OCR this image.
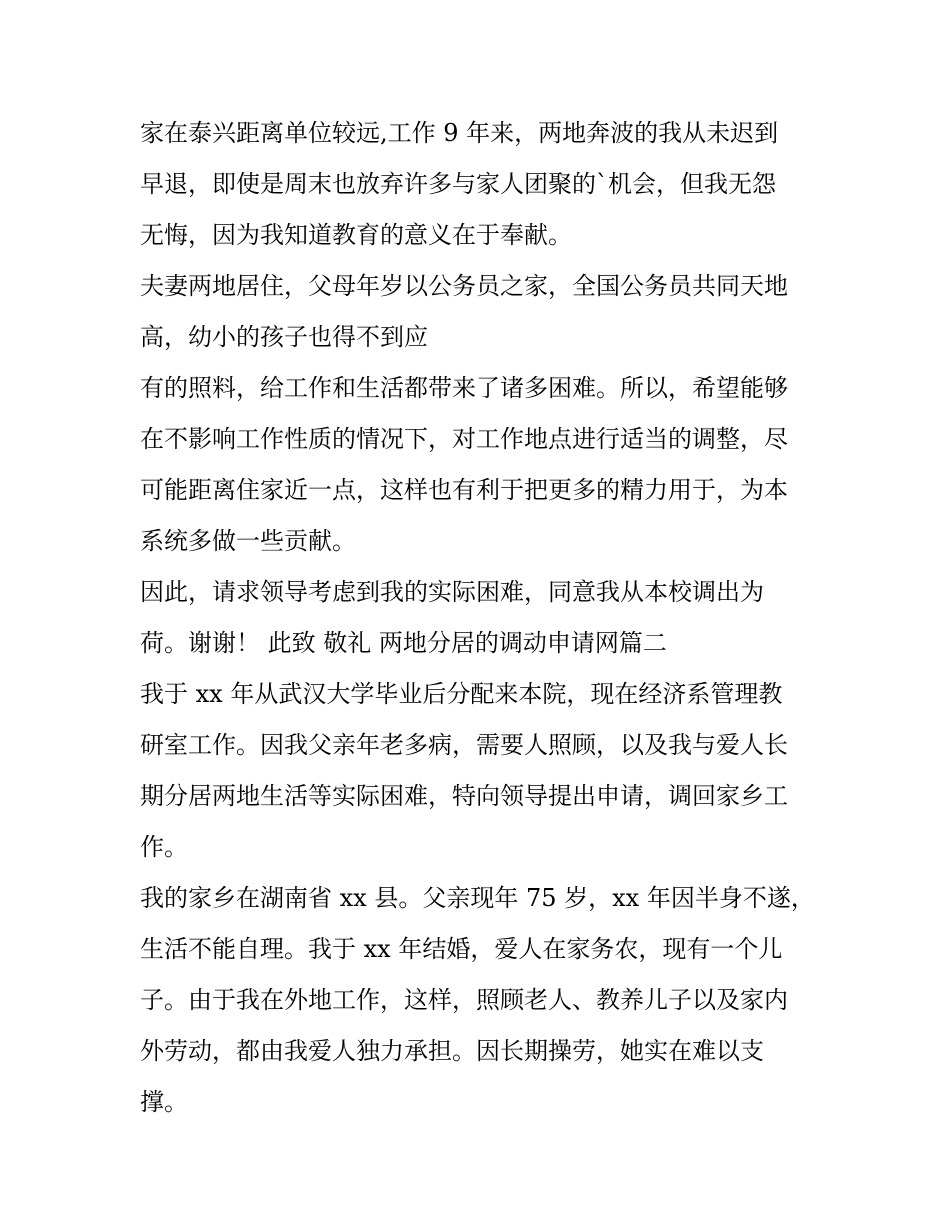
家在泰兴距离单位较远,工作 9 年来，两地奔波的我从未迟到
早退，即使是周末也放弃许多与家人团聚的`机会，但我无怨
无悔，因为我知道教育的意义在于奉献。
夫妻两地居住，父母年岁以公务员之家，全国公务员共同天地
高，幼小的孩子也得不到应
有的照料，给工作和生活都带来了诸多困难。所以，希望能够
在不影响工作性质的情况下，对工作地点进行适当的调整，尽
可能距离住家近一点，这样也有利于把更多的精力用于，为本
系统多做一些贡献。
因此，请求领导考虑到我的实际困难，同意我从本校调出为
荷。谢谢！ 此致 敬礼 两地分居的调动申请网篇二
我于 xx 年从武汉大学毕业后分配来本院，现在经济系管理教
研室工作。因我父亲年老多病，需要人照顾，以及我与爱人长
期分居两地生活等实际困难，特向领导提出申请，调回家乡工
作。
我的家乡在湖南省 xx 县。父亲现年 75 岁，xx 年因半身不遂，
生活不能自理。我于 xx 年结婚，爱人在家务农，现有一个儿
子。由于我在外地工作，这样，照顾老人、教养儿子以及家内
外劳动，都由我爱人独力承担。因长期操劳，她实在难以支
撑。
